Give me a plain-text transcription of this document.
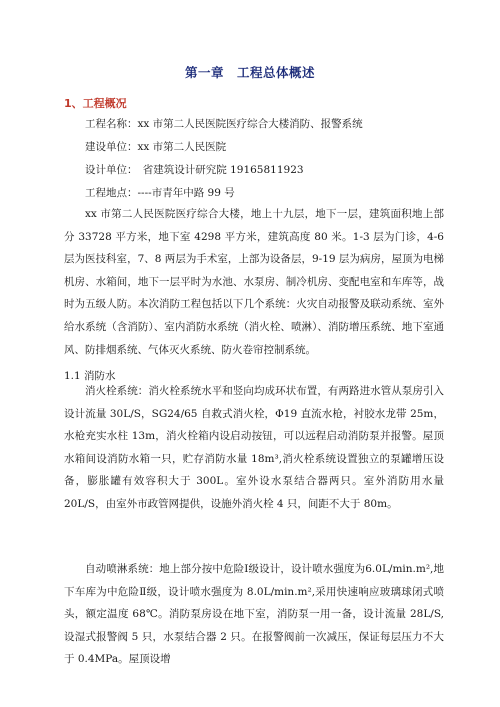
第一章　工程总体概述
1、工程概况
工程名称：xx 市第二人民医院医疗综合大楼消防、报警系统
建设单位：xx 市第二人民医院
设计单位：　省建筑设计研究院 19165811923
工程地点：----市青年中路 99 号

xx 市第二人民医院医疗综合大楼，地上十九层，地下一层，建筑面积地上部分 33728 平方米，地下室 4298 平方米，建筑高度 80 米。1-3 层为门诊，4-6 层为医技科室，7、8 两层为手术室，上部为设备层，9-19 层为病房，屋顶为电梯机房、水箱间，地下一层平时为水池、水泵房、制冷机房、变配电室和车库等，战时为五级人防。本次消防工程包括以下几个系统：火灾自动报警及联动系统、室外给水系统（含消防）、室内消防水系统（消火栓、喷淋）、消防增压系统、地下室通风、防排烟系统、气体灭火系统、防火卷帘控制系统。

1.1 消防水

消火栓系统：消火栓系统水平和竖向均成环状布置，有两路进水管从泵房引入设计流量 30L/S，SG24/65 自救式消火栓，Φ19 直流水枪，衬胶水龙带 25m，水枪充实水柱 13m，消火栓箱内设启动按钮，可以远程启动消防泵并报警。屋顶水箱间设消防水箱一只，贮存消防水量 18m³,消火栓系统设置独立的泵罐增压设备，膨胀罐有效容积大于 300L。室外设水泵结合器两只。室外消防用水量 20L/S，由室外市政管网提供，设施外消火栓 4 只，间距不大于 80m。

自动喷淋系统：地上部分按中危险Ⅰ级设计，设计喷水强度为6.0L/min.m²,地下车库为中危险Ⅱ级，设计喷水强度为 8.0L/min.m²,采用快速响应玻璃球闭式喷头，额定温度 68℃。消防泵房设在地下室，消防泵一用一备，设计流量 28L/S,设湿式报警阀 5 只，水泵结合器 2 只。在报警阀前一次减压，保证每层压力不大于 0.4MPa。屋顶设增
